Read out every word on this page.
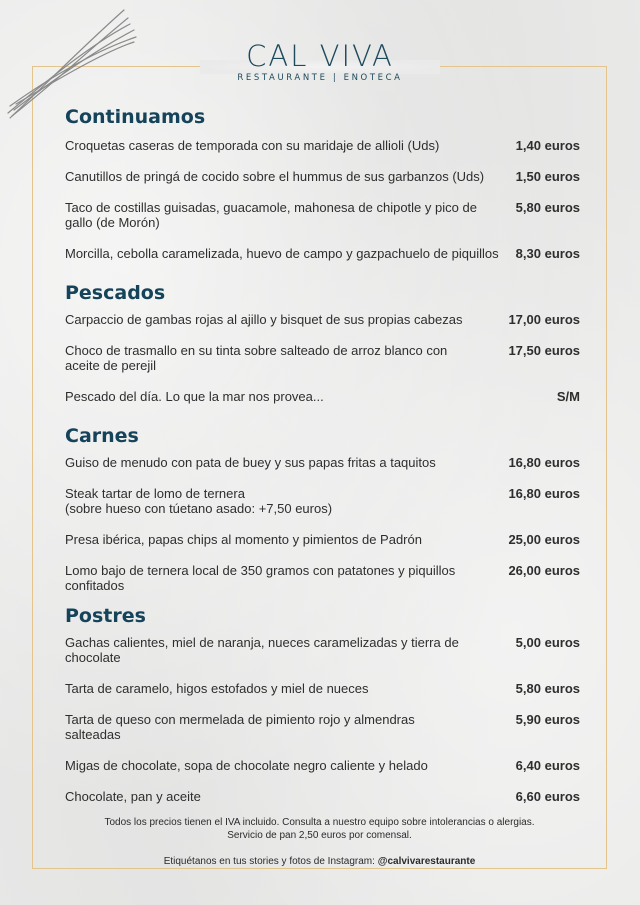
CAL VIVA
RESTAURANTE | ENOTECA
Continuamos
Croquetas caseras de temporada con su maridaje de allioli (Uds)	1,40 euros
Canutillos de pringá de cocido sobre el hummus de sus garbanzos (Uds)	1,50 euros
Taco de costillas guisadas, guacamole, mahonesa de chipotle y pico de gallo (de Morón)
5,80 euros
Morcilla, cebolla caramelizada, huevo de campo y gazpachuelo de piquillos	8,30 euros
Pescados
Carpaccio de gambas rojas al ajillo y bisquet de sus propias cabezas	17,00 euros
Choco de trasmallo en su tinta sobre salteado de arroz blanco con aceite de perejil
17,50 euros
Pescado del día. Lo que la mar nos provea...	S/M
Carnes
Guiso de menudo con pata de buey y sus papas fritas a taquitos	16,80 euros
Steak tartar de lomo de ternera
(sobre hueso con túetano asado: +7,50 euros)
16,80 euros
Presa ibérica, papas chips al momento y pimientos de Padrón	25,00 euros
Lomo bajo de ternera local de 350 gramos con patatones y piquillos confitados
26,00 euros
Postres
Gachas calientes, miel de naranja, nueces caramelizadas y tierra de chocolate
5,00 euros
Tarta de caramelo, higos estofados y miel de nueces	5,80 euros
Tarta de queso con mermelada de pimiento rojo y almendras salteadas
5,90 euros
Migas de chocolate, sopa de chocolate negro caliente y helado	6,40 euros
Chocolate, pan y aceite	6,60 euros
Todos los precios tienen el IVA incluido. Consulta a nuestro equipo sobre intolerancias o alergias.
Servicio de pan 2,50 euros por comensal.
Etiquétanos en tus stories y fotos de Instagram: @calvivarestaurante
